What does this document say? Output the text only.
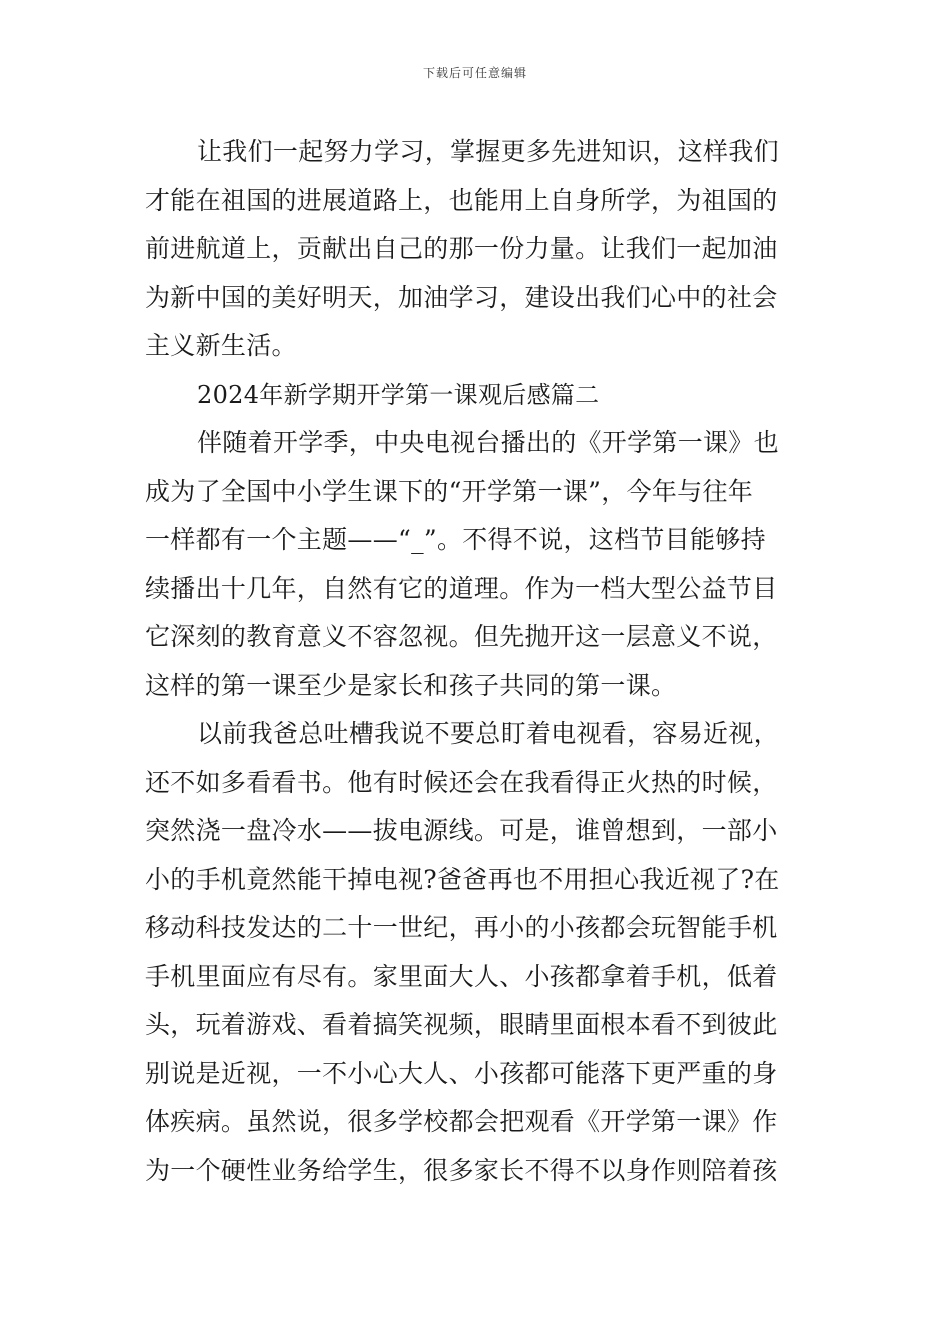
下载后可任意编辑
让我们一起努力学习，掌握更多先进知识，这样我们
才能在祖国的进展道路上，也能用上自身所学，为祖国的
前进航道上，贡献出自己的那一份力量。让我们一起加油
为新中国的美好明天，加油学习，建设出我们心中的社会
主义新生活。
2024年新学期开学第一课观后感篇二
伴随着开学季，中央电视台播出的《开学第一课》也
成为了全国中小学生课下的“开学第一课”，今年与往年
一样都有一个主题——“_”。不得不说，这档节目能够持
续播出十几年，自然有它的道理。作为一档大型公益节目
它深刻的教育意义不容忽视。但先抛开这一层意义不说，
这样的第一课至少是家长和孩子共同的第一课。
以前我爸总吐槽我说不要总盯着电视看，容易近视，
还不如多看看书。他有时候还会在我看得正火热的时候，
突然浇一盘冷水——拔电源线。可是，谁曾想到，一部小
小的手机竟然能干掉电视?爸爸再也不用担心我近视了?在
移动科技发达的二十一世纪，再小的小孩都会玩智能手机
手机里面应有尽有。家里面大人、小孩都拿着手机，低着
头，玩着游戏、看着搞笑视频，眼睛里面根本看不到彼此
别说是近视，一不小心大人、小孩都可能落下更严重的身
体疾病。虽然说，很多学校都会把观看《开学第一课》作
为一个硬性业务给学生，很多家长不得不以身作则陪着孩
